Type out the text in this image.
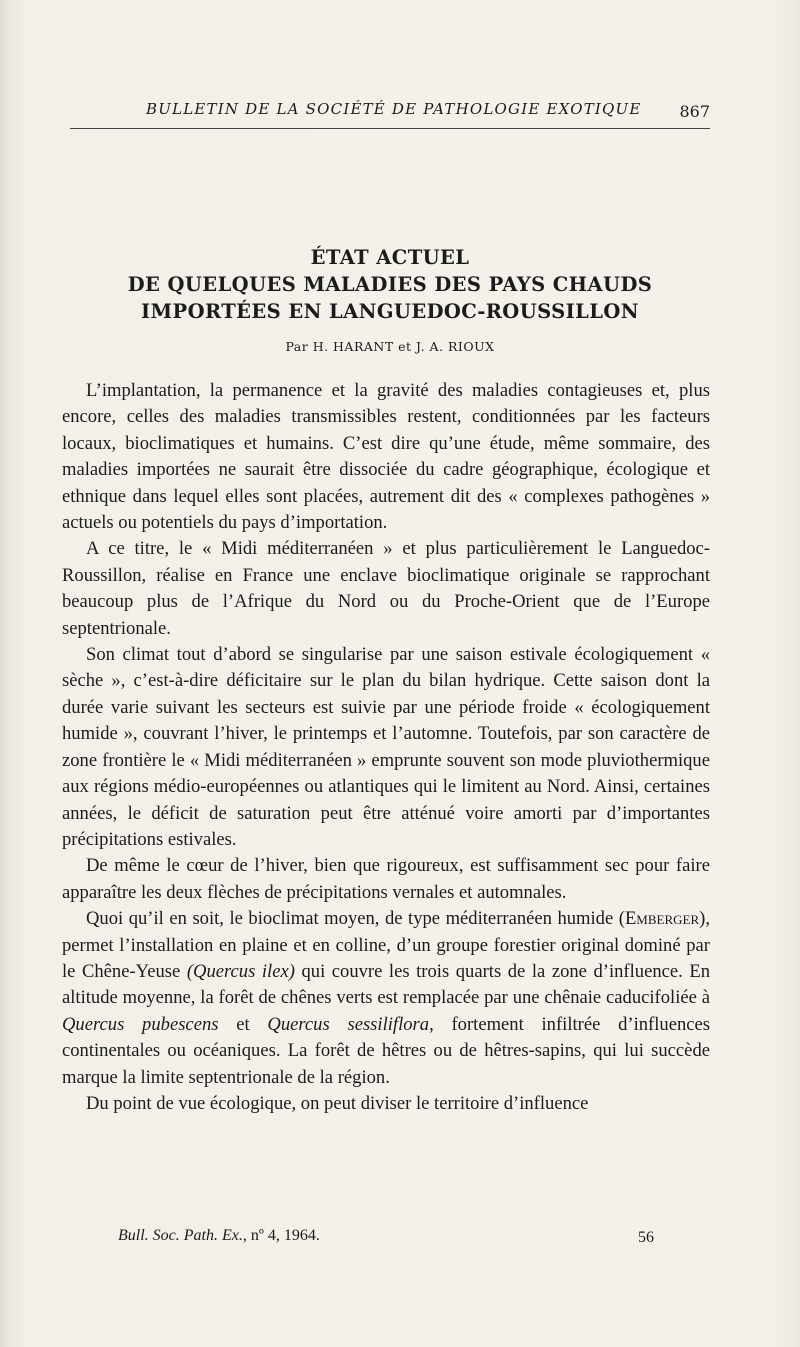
BULLETIN DE LA SOCIÉTÉ DE PATHOLOGIE EXOTIQUE 867
ÉTAT ACTUEL
DE QUELQUES MALADIES DES PAYS CHAUDS
IMPORTÉES EN LANGUEDOC-ROUSSILLON
Par H. HARANT et J. A. RIOUX

L’implantation, la permanence et la gravité des maladies contagieuses et, plus encore, celles des maladies transmissibles restent, conditionnées par les facteurs locaux, bioclimatiques et humains. C’est dire qu’une étude, même sommaire, des maladies importées ne saurait être dissociée du cadre géographique, écologique et ethnique dans lequel elles sont placées, autrement dit des « complexes pathogènes » actuels ou potentiels du pays d’importation.

A ce titre, le « Midi méditerranéen » et plus particulièrement le Languedoc-Roussillon, réalise en France une enclave bioclimatique originale se rapprochant beaucoup plus de l’Afrique du Nord ou du Proche-Orient que de l’Europe septentrionale.

Son climat tout d’abord se singularise par une saison estivale écologiquement « sèche », c’est-à-dire déficitaire sur le plan du bilan hydrique. Cette saison dont la durée varie suivant les secteurs est suivie par une période froide « écologiquement humide », couvrant l’hiver, le printemps et l’automne. Toutefois, par son caractère de zone frontière le « Midi méditerranéen » emprunte souvent son mode pluviothermique aux régions médio-européennes ou atlantiques qui le limitent au Nord. Ainsi, certaines années, le déficit de saturation peut être atténué voire amorti par d’importantes précipitations estivales.

De même le cœur de l’hiver, bien que rigoureux, est suffisamment sec pour faire apparaître les deux flèches de précipitations vernales et automnales.

Quoi qu’il en soit, le bioclimat moyen, de type méditerranéen humide (Emberger), permet l’installation en plaine et en colline, d’un groupe forestier original dominé par le Chêne-Yeuse (Quercus ilex) qui couvre les trois quarts de la zone d’influence. En altitude moyenne, la forêt de chênes verts est remplacée par une chênaie caducifoliée à Quercus pubescens et Quercus sessiliflora, fortement infiltrée d’influences continentales ou océaniques. La forêt de hêtres ou de hêtres-sapins, qui lui succède marque la limite septentrionale de la région.

Du point de vue écologique, on peut diviser le territoire d’influence

Bull. Soc. Path. Ex., nº 4, 1964.	56
